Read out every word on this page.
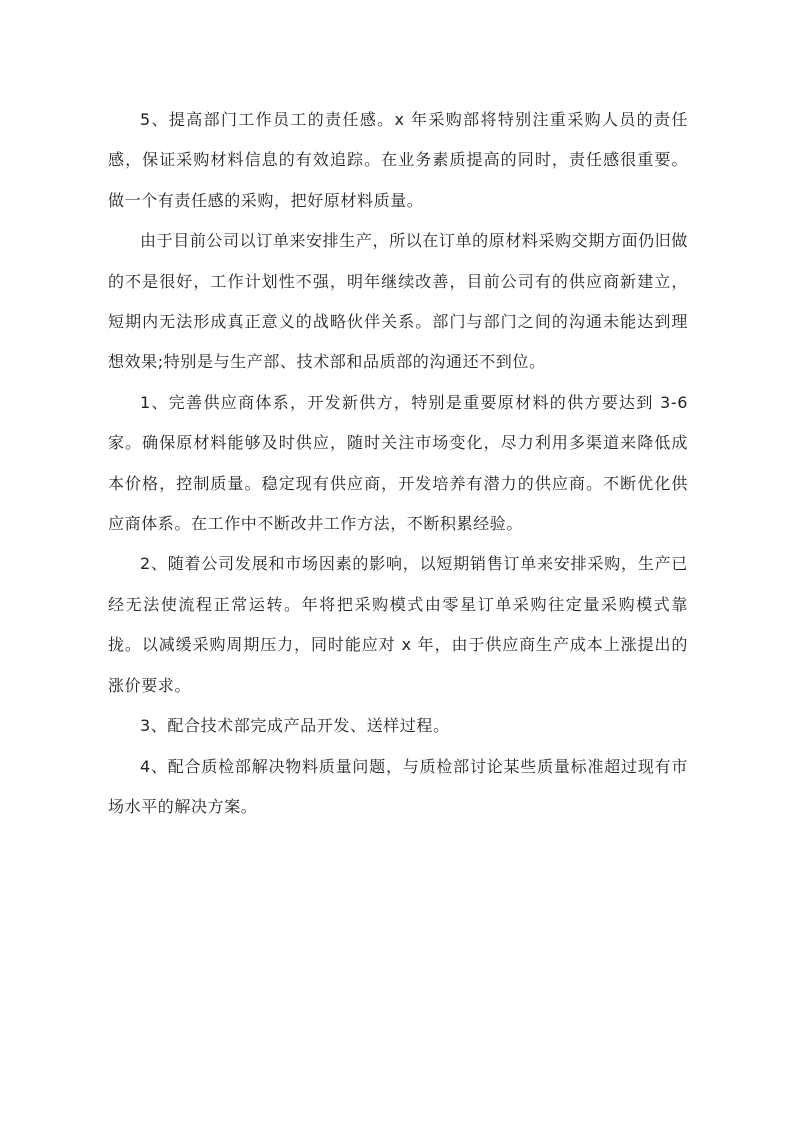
5、提高部门工作员工的责任感。x 年采购部将特别注重采购人员的责任感，保证采购材料信息的有效追踪。在业务素质提高的同时，责任感很重要。做一个有责任感的采购，把好原材料质量。

由于目前公司以订单来安排生产，所以在订单的原材料采购交期方面仍旧做的不是很好，工作计划性不强，明年继续改善，目前公司有的供应商新建立，短期内无法形成真正意义的战略伙伴关系。部门与部门之间的沟通未能达到理想效果;特别是与生产部、技术部和品质部的沟通还不到位。

1、完善供应商体系，开发新供方，特别是重要原材料的供方要达到 3-6 家。确保原材料能够及时供应，随时关注市场变化，尽力利用多渠道来降低成本价格，控制质量。稳定现有供应商，开发培养有潜力的供应商。不断优化供应商体系。在工作中不断改井工作方法，不断积累经验。

2、随着公司发展和市场因素的影响，以短期销售订单来安排采购，生产已经无法使流程正常运转。年将把采购模式由零星订单采购往定量采购模式靠拢。以减缓采购周期压力，同时能应对 x 年，由于供应商生产成本上涨提出的涨价要求。

3、配合技术部完成产品开发、送样过程。

4、配合质检部解决物料质量问题，与质检部讨论某些质量标准超过现有市场水平的解决方案。
